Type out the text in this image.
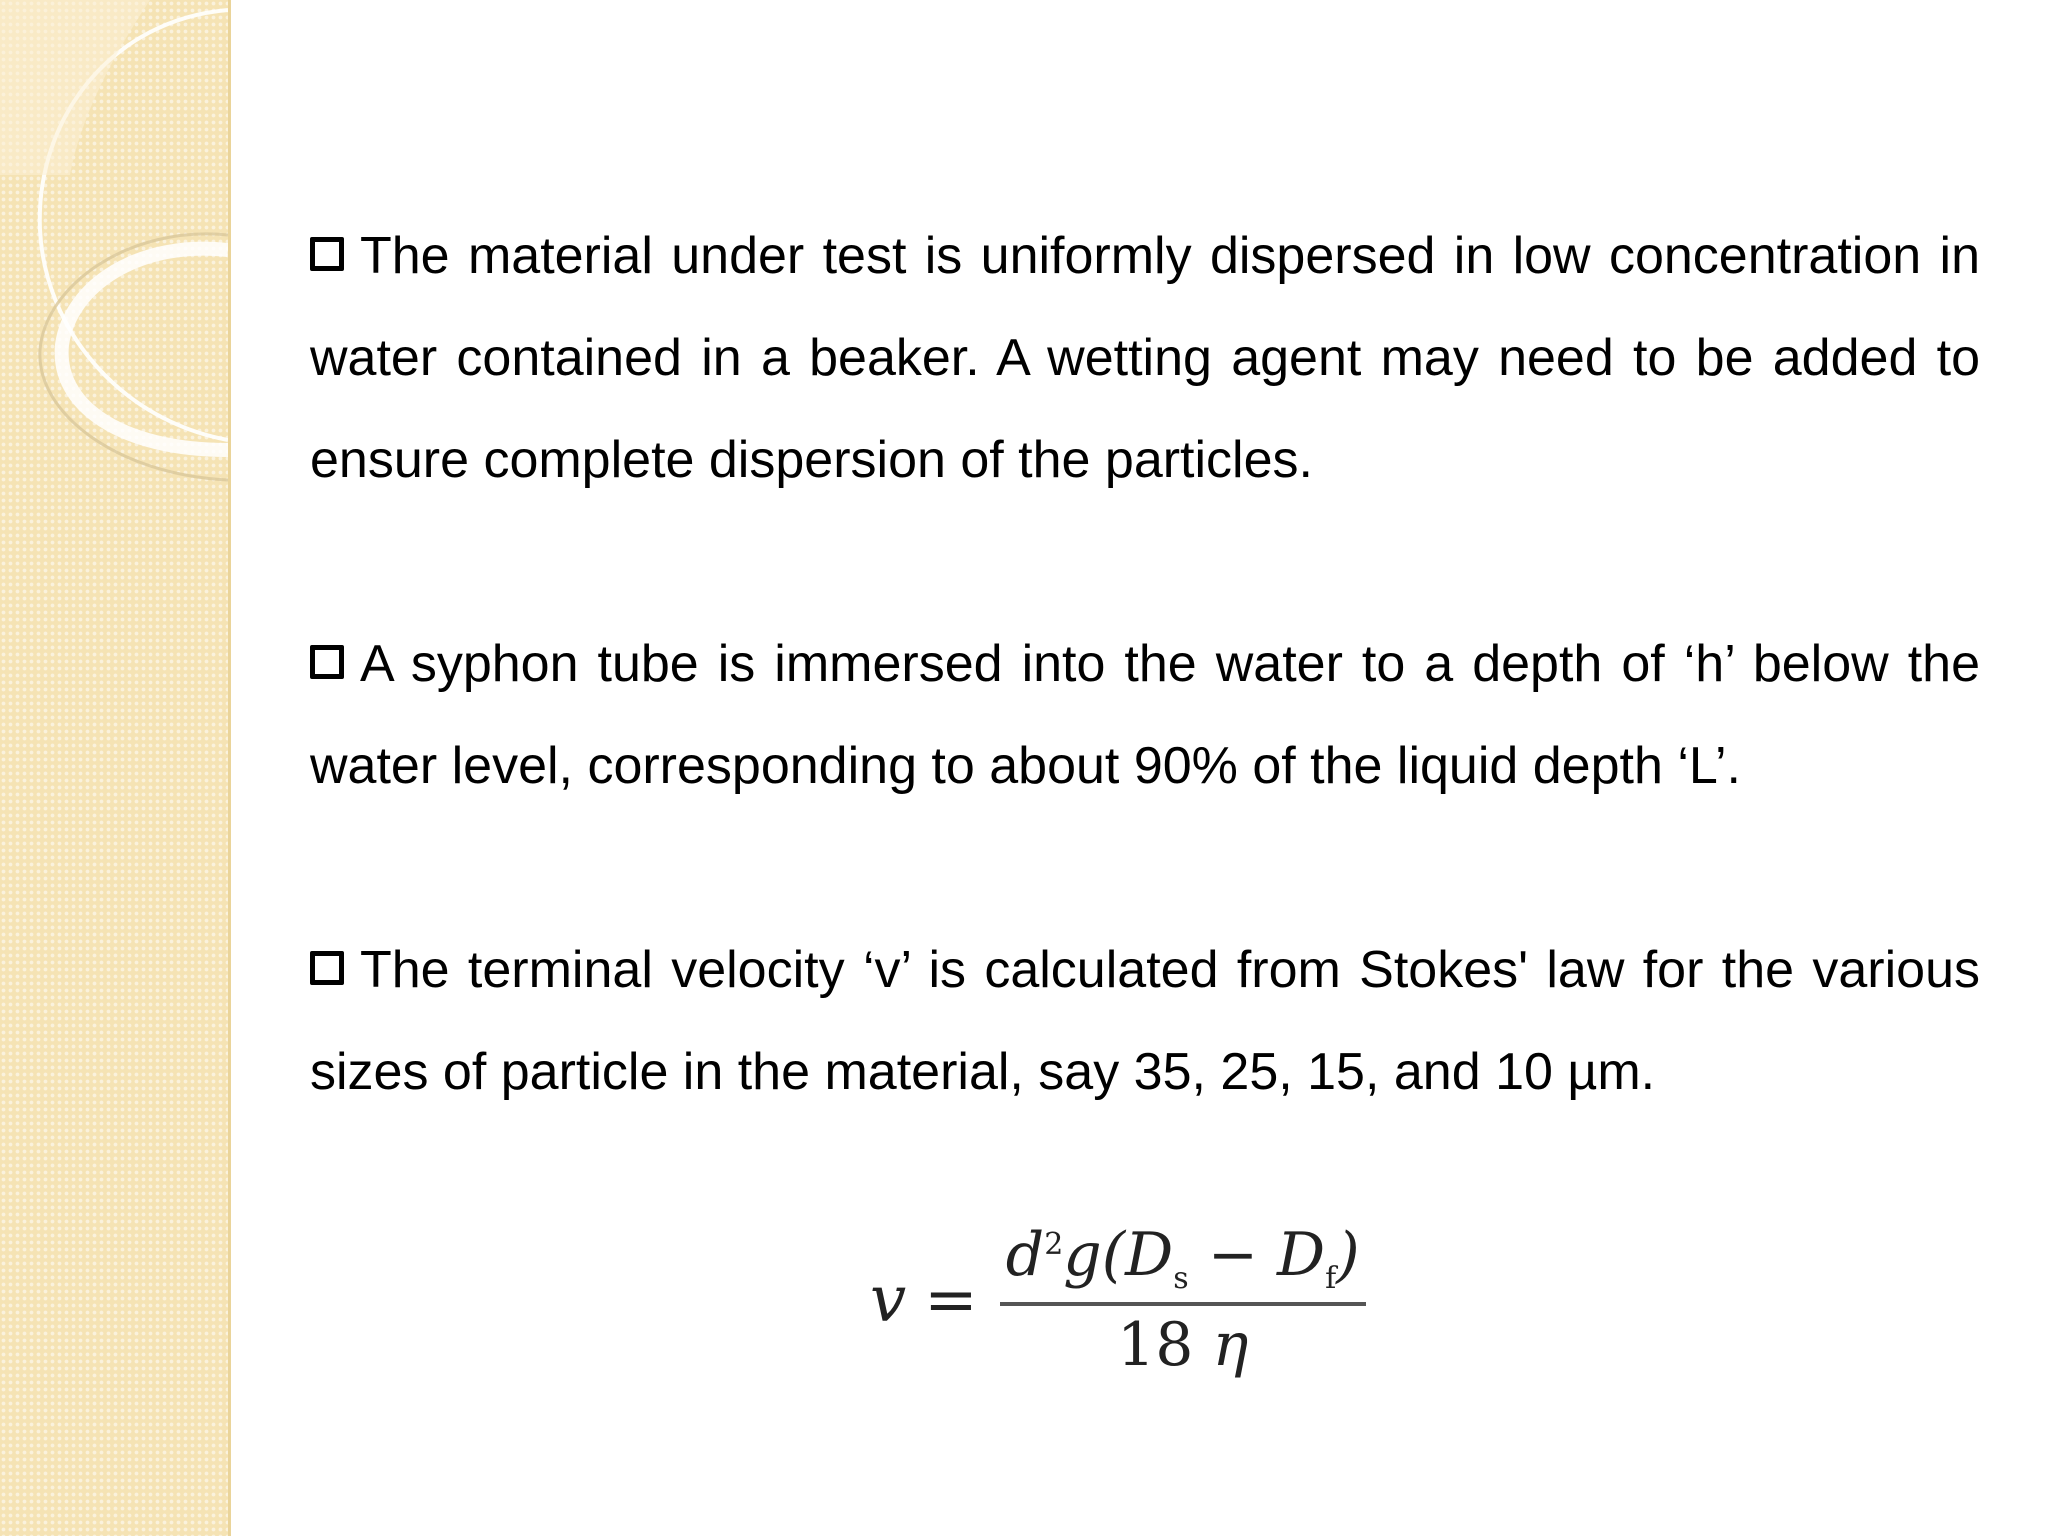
The material under test is uniformly dispersed in low concentration in water contained in a beaker. A wetting agent may need to be added to ensure complete dispersion of the particles.

A syphon tube is immersed into the water to a depth of ‘h’ below the water level, corresponding to about 90% of the liquid depth ‘L’.

The terminal velocity ‘v’ is calculated from Stokes' law for the various sizes of particle in the material, say 35, 25, 15, and 10 µm.

$v = \frac{d^2g(D_s - D_f)}{18 \eta}$
